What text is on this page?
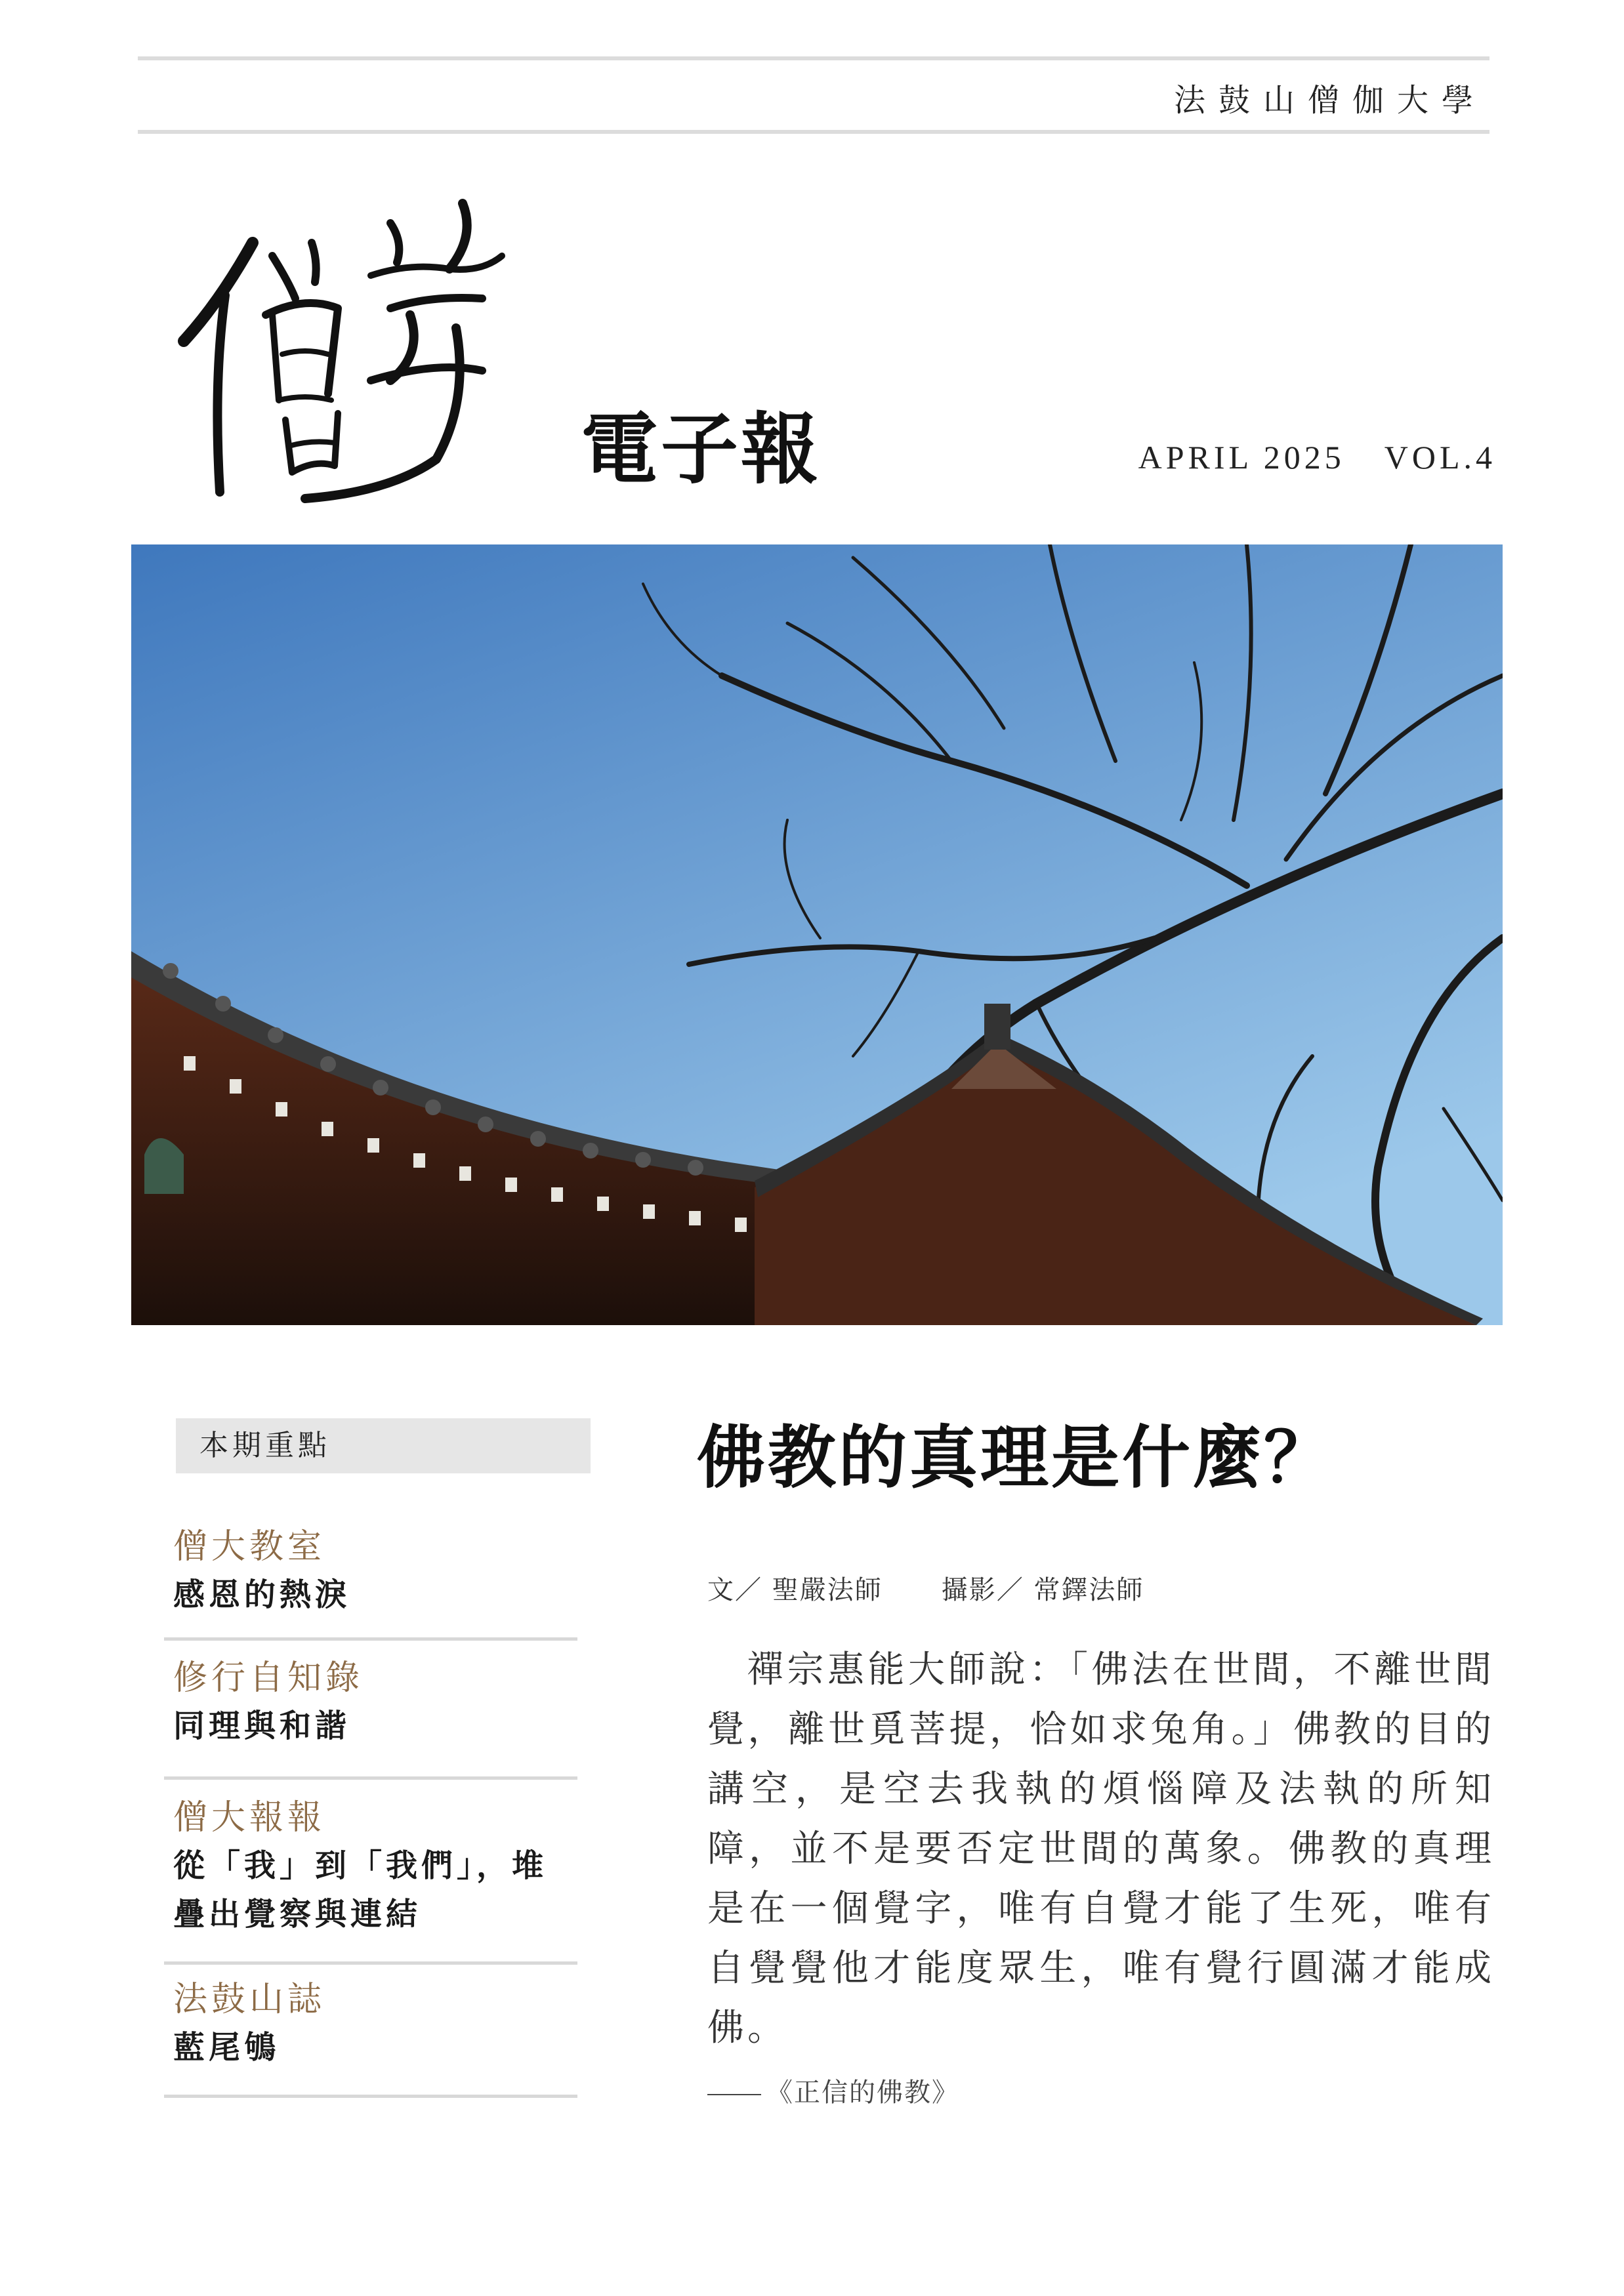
法鼓山僧伽大學
電子報	APRIL 2025 VOL.4
本期重點
僧大教室
感恩的熱淚
修行自知錄
同理與和諧
僧大報報
從「我」到「我們」，堆疊出覺察與連結
法鼓山誌
藍尾鴝
佛教的真理是什麼？
文／ 聖嚴法師 攝影／ 常鐸法師
禪宗惠能大師說：「佛法在世間，不離世間覺，離世覓菩提，恰如求兔角。」佛教的目的講空，是空去我執的煩惱障及法執的所知障，並不是要否定世間的萬象。佛教的真理是在一個覺字，唯有自覺才能了生死，唯有自覺覺他才能度眾生，唯有覺行圓滿才能成佛。
《正信的佛教》
